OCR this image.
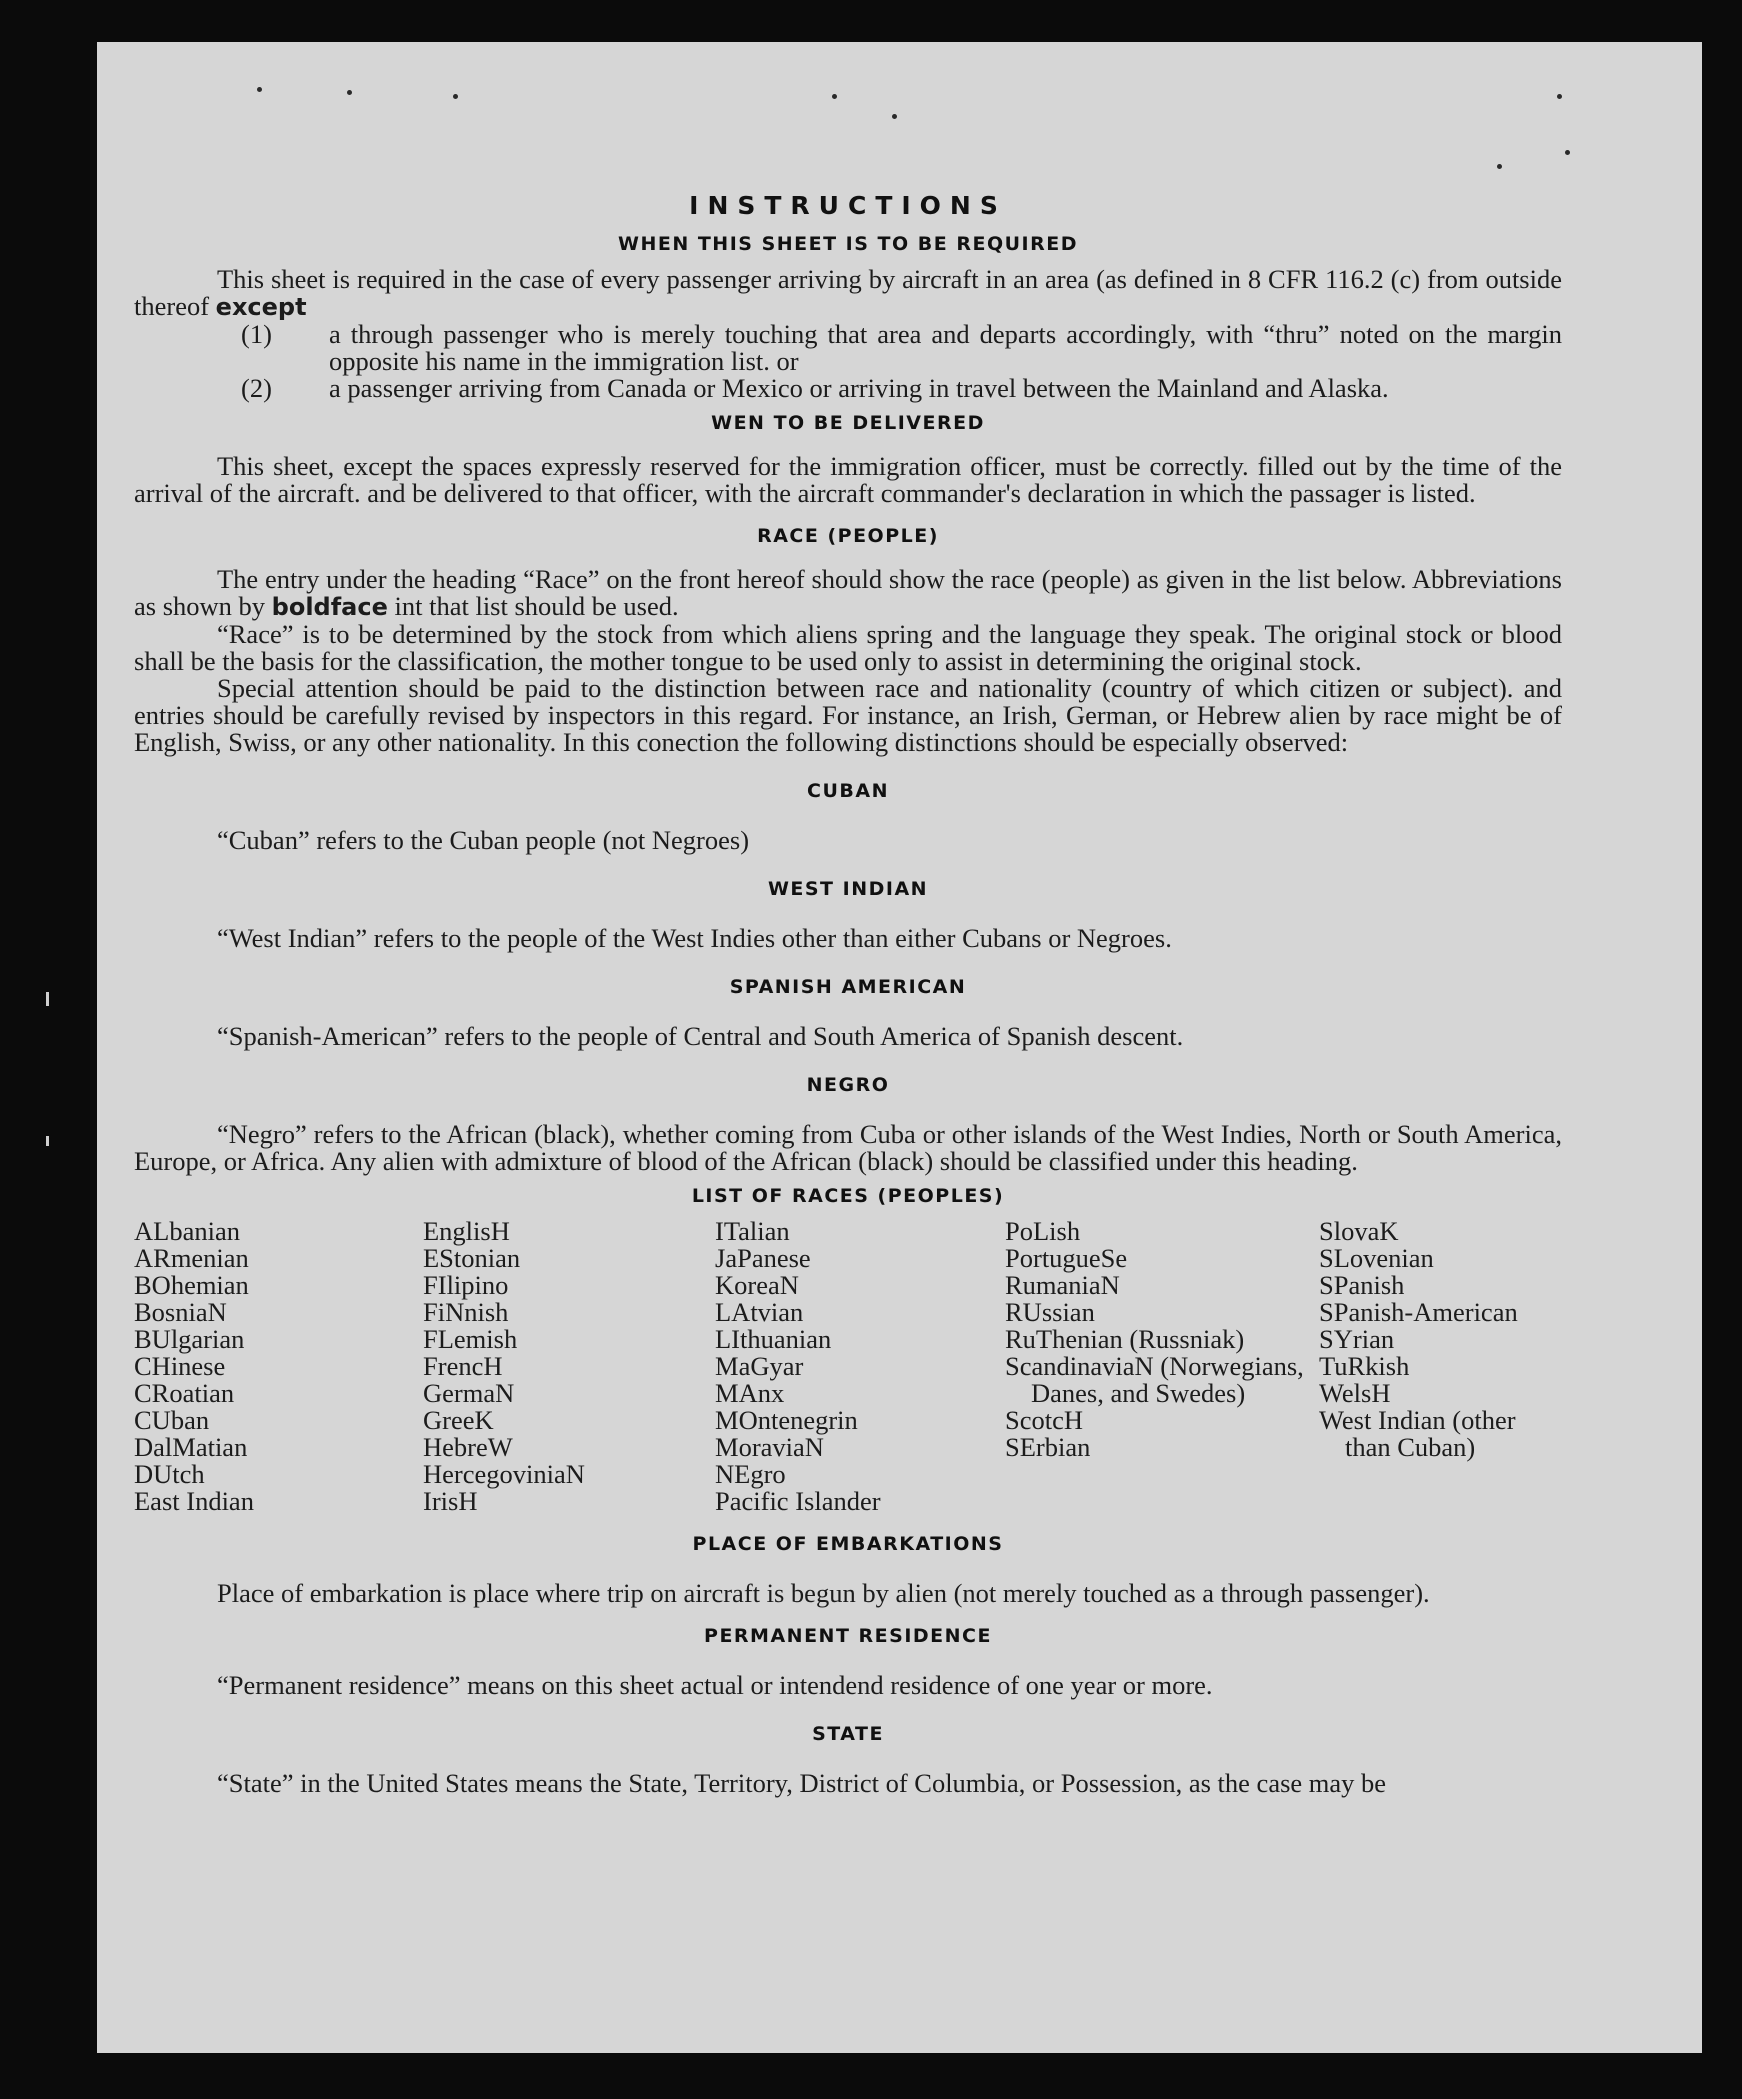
INSTRUCTIONS
WHEN THIS SHEET IS TO BE REQUIRED

This sheet is required in the case of every passenger arriving by aircraft in an area (as defined in 8 CFR 116.2 (c) from outside thereof except

(1) a through passenger who is merely touching that area and departs accordingly, with “thru” noted on the margin opposite his name in the immigration list. or
(2) a passenger arriving from Canada or Mexico or arriving in travel between the Mainland and Alaska.
WEN TO BE DELIVERED

This sheet, except the spaces expressly reserved for the immigration officer, must be correctly. filled out by the time of the arrival of the aircraft. and be delivered to that officer, with the aircraft commander's declaration in which the passager is listed.

RACE (PEOPLE)

The entry under the heading “Race” on the front hereof should show the race (people) as given in the list below. Abbreviations as shown by boldface int that list should be used.

“Race” is to be determined by the stock from which aliens spring and the language they speak. The original stock or blood shall be the basis for the classification, the mother tongue to be used only to assist in determining the original stock.

Special attention should be paid to the distinction between race and nationality (country of which citizen or subject). and entries should be carefully revised by inspectors in this regard. For instance, an Irish, German, or Hebrew alien by race might be of English, Swiss, or any other nationality. In this conection the following distinctions should be especially observed:

CUBAN

“Cuban” refers to the Cuban people (not Negroes)

WEST INDIAN

“West Indian” refers to the people of the West Indies other than either Cubans or Negroes.

SPANISH AMERICAN

“Spanish-American” refers to the people of Central and South America of Spanish descent.

NEGRO

“Negro” refers to the African (black), whether coming from Cuba or other islands of the West Indies, North or South America, Europe, or Africa. Any alien with admixture of blood of the African (black) should be classified under this heading.

LIST OF RACES (PEOPLES)
ALbanian
ARmenian
BOhemian
BosniaN
BUlgarian
CHinese
CRoatian
CUban
DalMatian
DUtch
East Indian
EnglisH
EStonian
FIlipino
FiNnish
FLemish
FrencH
GermaN
GreeK
HebreW
HercegoviniaN
IrisH
ITalian
JaPanese
KoreaN
LAtvian
LIthuanian
MaGyar
MAnx
MOntenegrin
MoraviaN
NEgro
Pacific Islander
PoLish
PortugueSe
RumaniaN
RUssian
RuThenian (Russniak)
ScandinaviaN (Norwegians, Danes, and Swedes)
ScotcH
SErbian
SlovaK
SLovenian
SPanish
SPanish-American
SYrian
TuRkish
WelsH
West Indian (other than Cuban)
PLACE OF EMBARKATIONS

Place of embarkation is place where trip on aircraft is begun by alien (not merely touched as a through passenger).

PERMANENT RESIDENCE

“Permanent residence” means on this sheet actual or intendend residence of one year or more.

STATE

“State” in the United States means the State, Territory, District of Columbia, or Possession, as the case may be
